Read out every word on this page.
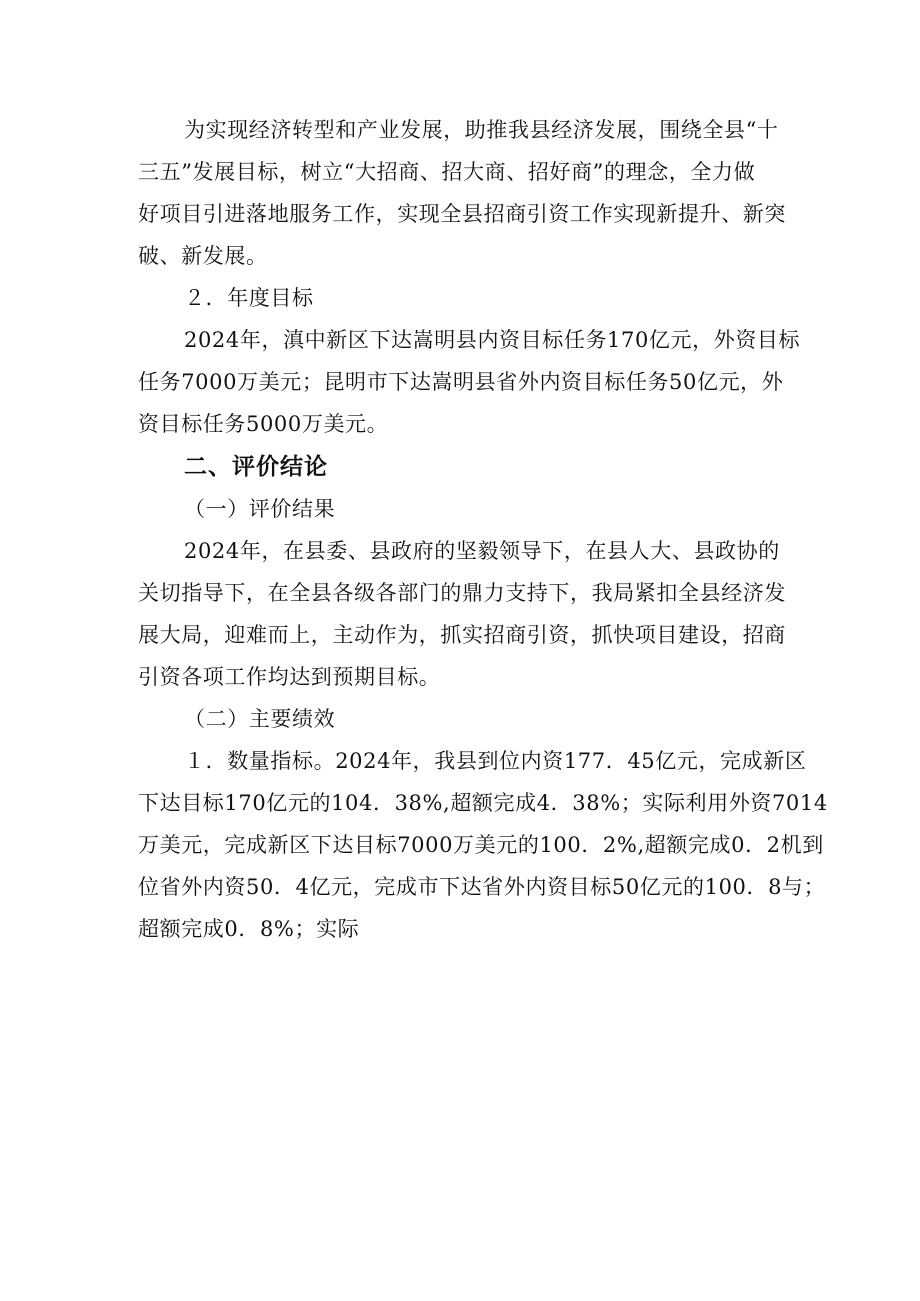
为实现经济转型和产业发展，助推我县经济发展，围绕全县“十
三五”发展目标，树立“大招商、招大商、招好商”的理念，全力做
好项目引进落地服务工作，实现全县招商引资工作实现新提升、新突
破、新发展。
２．年度目标
2024年，滇中新区下达嵩明县内资目标任务170亿元，外资目标
任务7000万美元；昆明市下达嵩明县省外内资目标任务50亿元，外
资目标任务5000万美元。
二、评价结论
（一）评价结果
2024年，在县委、县政府的坚毅领导下，在县人大、县政协的
关切指导下，在全县各级各部门的鼎力支持下，我局紧扣全县经济发
展大局，迎难而上，主动作为，抓实招商引资，抓快项目建设，招商
引资各项工作均达到预期目标。
（二）主要绩效
１．数量指标。2024年，我县到位内资177．45亿元，完成新区
下达目标170亿元的104．38%,超额完成4．38%；实际利用外资7014
万美元，完成新区下达目标7000万美元的100．2%,超额完成0．2机到
位省外内资50．4亿元，完成市下达省外内资目标50亿元的100．8与；
超额完成0．8%；实际
